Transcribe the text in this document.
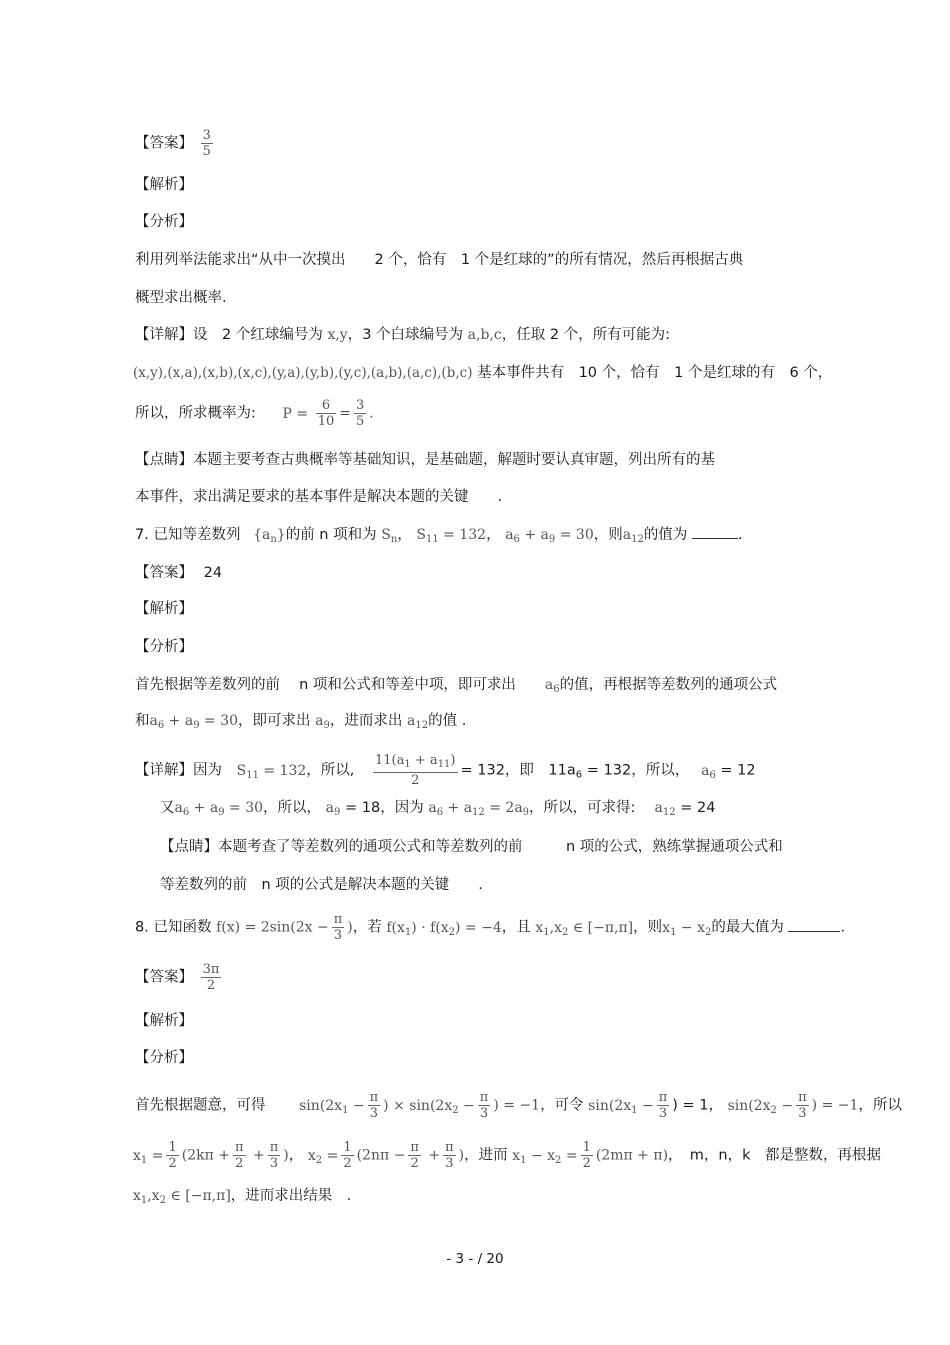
【答案】 $\frac{3}{5}$
【解析】
【分析】
利用列举法能求出“从中一次摸出　　2 个，恰有　1 个是红球的”的所有情况，然后再根据古典
概型求出概率.
【详解】设　2 个红球编号为 x,y，3 个白球编号为 a,b,c，任取 2 个，所有可能为:
(x,y),(x,a),(x,b),(x,c),(y,a),(y,b),(y,c),(a,b),(a,c),(b,c) 基本事件共有　10 个，恰有　1 个是红球的有　6 个，
所以，所求概率为: $P = \frac{6}{10} = \frac{3}{5}$ .
【点睛】本题主要考查古典概率等基础知识，是基础题，解题时要认真审题，列出所有的基
本事件，求出满足要求的基本事件是解决本题的关键　　.
7. 已知等差数列 $\{a_n\}$的前 n 项和为 $S_n$， $S_{11} = 132$， $a_6 + a_9 = 30$，则$a_{12}$的值为	.
【答案】 24
【解析】
【分析】
首先根据等差数列的前　 n 项和公式和等差中项，即可求出　　$a_6$的值，再根据等差数列的通项公式
和$a_6 + a_9 = 30$，即可求出 $a_9$，进而求出 $a_{12}$的值 .
【详解】因为 $S_{11} = 132$，所以, $\frac{11(a_1 + a_{11})}{2} = 132$，即　$11a_6 = 132$，所以，　 $a_6 = 12$
又$a_6 + a_9 = 30$，所以， $a_9 = 18$，因为 $a_6 + a_{12} = 2a_9$，所以，可求得:　 $a_{12} = 24$
【点睛】本题考查了等差数列的通项公式和等差数列的前　　　n 项的公式，熟练掌握通项公式和
等差数列的前　n 项的公式是解决本题的关键　　.
8. 已知函数 $f(x) = 2\sin(2x - \frac{\pi}{3}$ )，若 $f(x_1) \cdot f(x_2) = -4$，且 $x_1,x_2$ ∈ [−π,π]，则$x_1 - x_2$的最大值为	.
【答案】 $\frac{3\pi}{2}$
【解析】
【分析】
首先根据题意，可得　　 $\sin(2x_1 - \frac{\pi}{3}$ ) × $\sin(2x_2 - \frac{\pi}{3}$ ) = −1，可令 $\sin(2x_1 - \frac{\pi}{3}$ ) = 1， $\sin(2x_2 - \frac{\pi}{3}$ ) = −1，所以
$x_1 = \frac{1}{2} (2k\pi + \frac{\pi}{2} + \frac{\pi}{3}$ )， $x_2 = \frac{1}{2} (2n\pi - \frac{\pi}{2} + \frac{\pi}{3}$ )，进而 $x_1 - x_2 = \frac{1}{2} (2m\pi + \pi)$，　m，n，k　都是整数，再根据
$x_1,x_2$ ∈ [−π,π]，进而求出结果　.
- 3 - / 20
